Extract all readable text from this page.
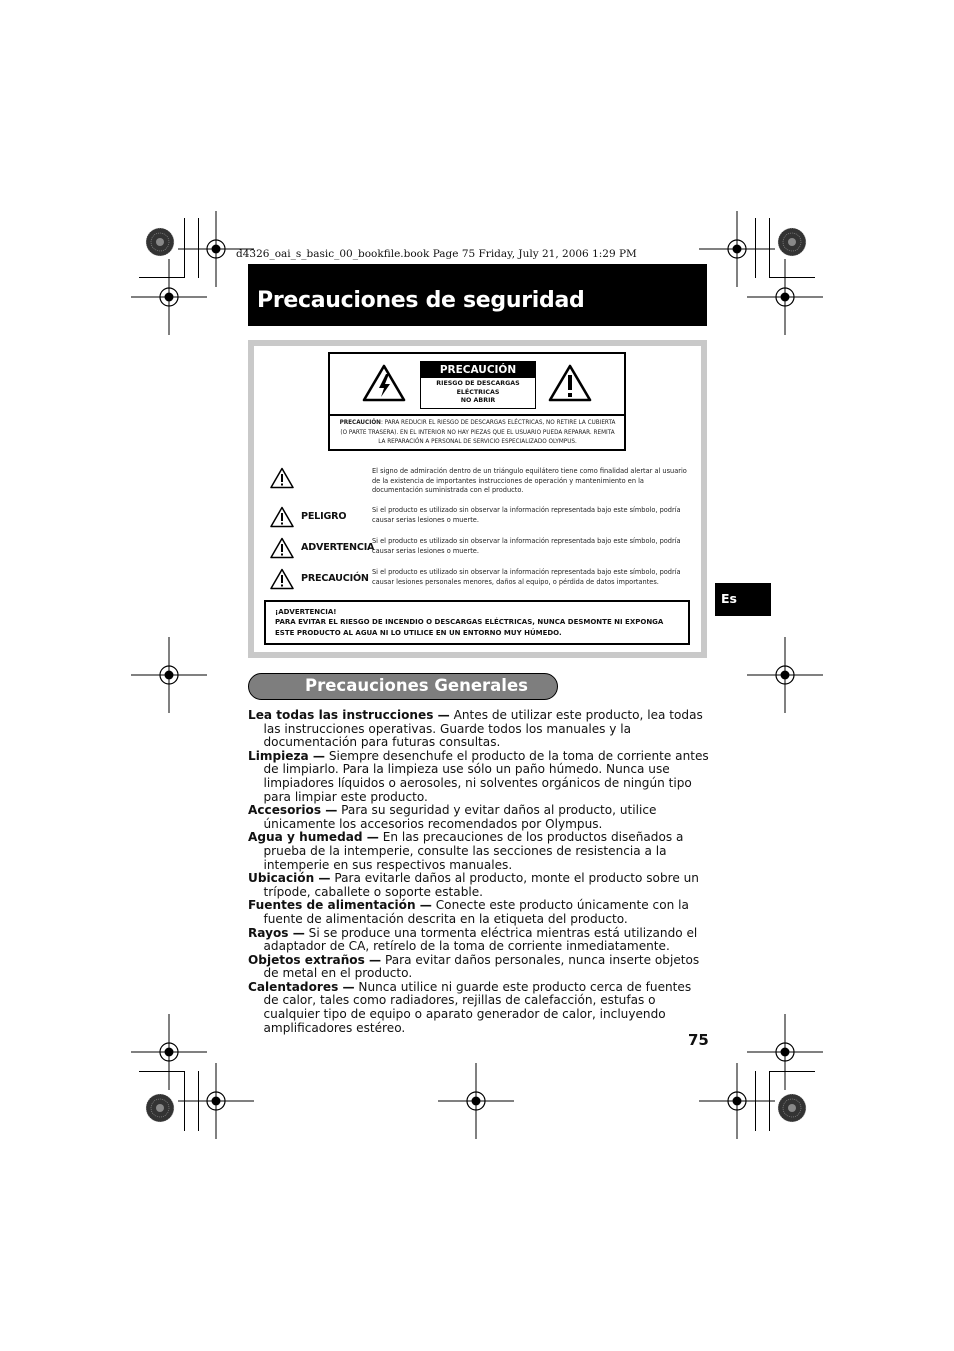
d4326_oai_s_basic_00_bookfile.book Page 75 Friday, July 21, 2006 1:29 PM
Precauciones de seguridad
PRECAUCIÓN
RIESGO DE DESCARGAS
ELÉCTRICAS
NO ABRIR
PRECAUCIÓN: PARA REDUCIR EL RIESGO DE DESCARGAS ELÉCTRICAS, NO RETIRE LA CUBIERTA (O PARTE TRASERA). EN EL INTERIOR NO HAY PIEZAS QUE EL USUARIO PUEDA REPARAR. REMITA LA REPARACIÓN A PERSONAL DE SERVICIO ESPECIALIZADO OLYMPUS.
El signo de admiración dentro de un triángulo equilátero tiene como finalidad alertar al usuario de la existencia de importantes instrucciones de operación y mantenimiento en la documentación suministrada con el producto.
PELIGRO
Si el producto es utilizado sin observar la información representada bajo este símbolo, podría causar serias lesiones o muerte.
ADVERTENCIA
Si el producto es utilizado sin observar la información representada bajo este símbolo, podría causar serias lesiones o muerte.
PRECAUCIÓN
Si el producto es utilizado sin observar la información representada bajo este símbolo, podría causar lesiones personales menores, daños al equipo, o pérdida de datos importantes.
¡ADVERTENCIA!
PARA EVITAR EL RIESGO DE INCENDIO O DESCARGAS ELÉCTRICAS, NUNCA DESMONTE NI EXPONGA ESTE PRODUCTO AL AGUA NI LO UTILICE EN UN ENTORNO MUY HÚMEDO.
Es
Precauciones Generales

Lea todas las instrucciones — Antes de utilizar este producto, lea todas las instrucciones operativas. Guarde todos los manuales y la documentación para futuras consultas.

Limpieza — Siempre desenchufe el producto de la toma de corriente antes de limpiarlo. Para la limpieza use sólo un paño húmedo. Nunca use limpiadores líquidos o aerosoles, ni solventes orgánicos de ningún tipo para limpiar este producto.

Accesorios — Para su seguridad y evitar daños al producto, utilice únicamente los accesorios recomendados por Olympus.

Agua y humedad — En las precauciones de los productos diseñados a prueba de la intemperie, consulte las secciones de resistencia a la intemperie en sus respectivos manuales.

Ubicación — Para evitarle daños al producto, monte el producto sobre un trípode, caballete o soporte estable.

Fuentes de alimentación — Conecte este producto únicamente con la fuente de alimentación descrita en la etiqueta del producto.

Rayos — Si se produce una tormenta eléctrica mientras está utilizando el adaptador de CA, retírelo de la toma de corriente inmediatamente.

Objetos extraños — Para evitar daños personales, nunca inserte objetos de metal en el producto.

Calentadores — Nunca utilice ni guarde este producto cerca de fuentes de calor, tales como radiadores, rejillas de calefacción, estufas o cualquier tipo de equipo o aparato generador de calor, incluyendo amplificadores estéreo.

75
